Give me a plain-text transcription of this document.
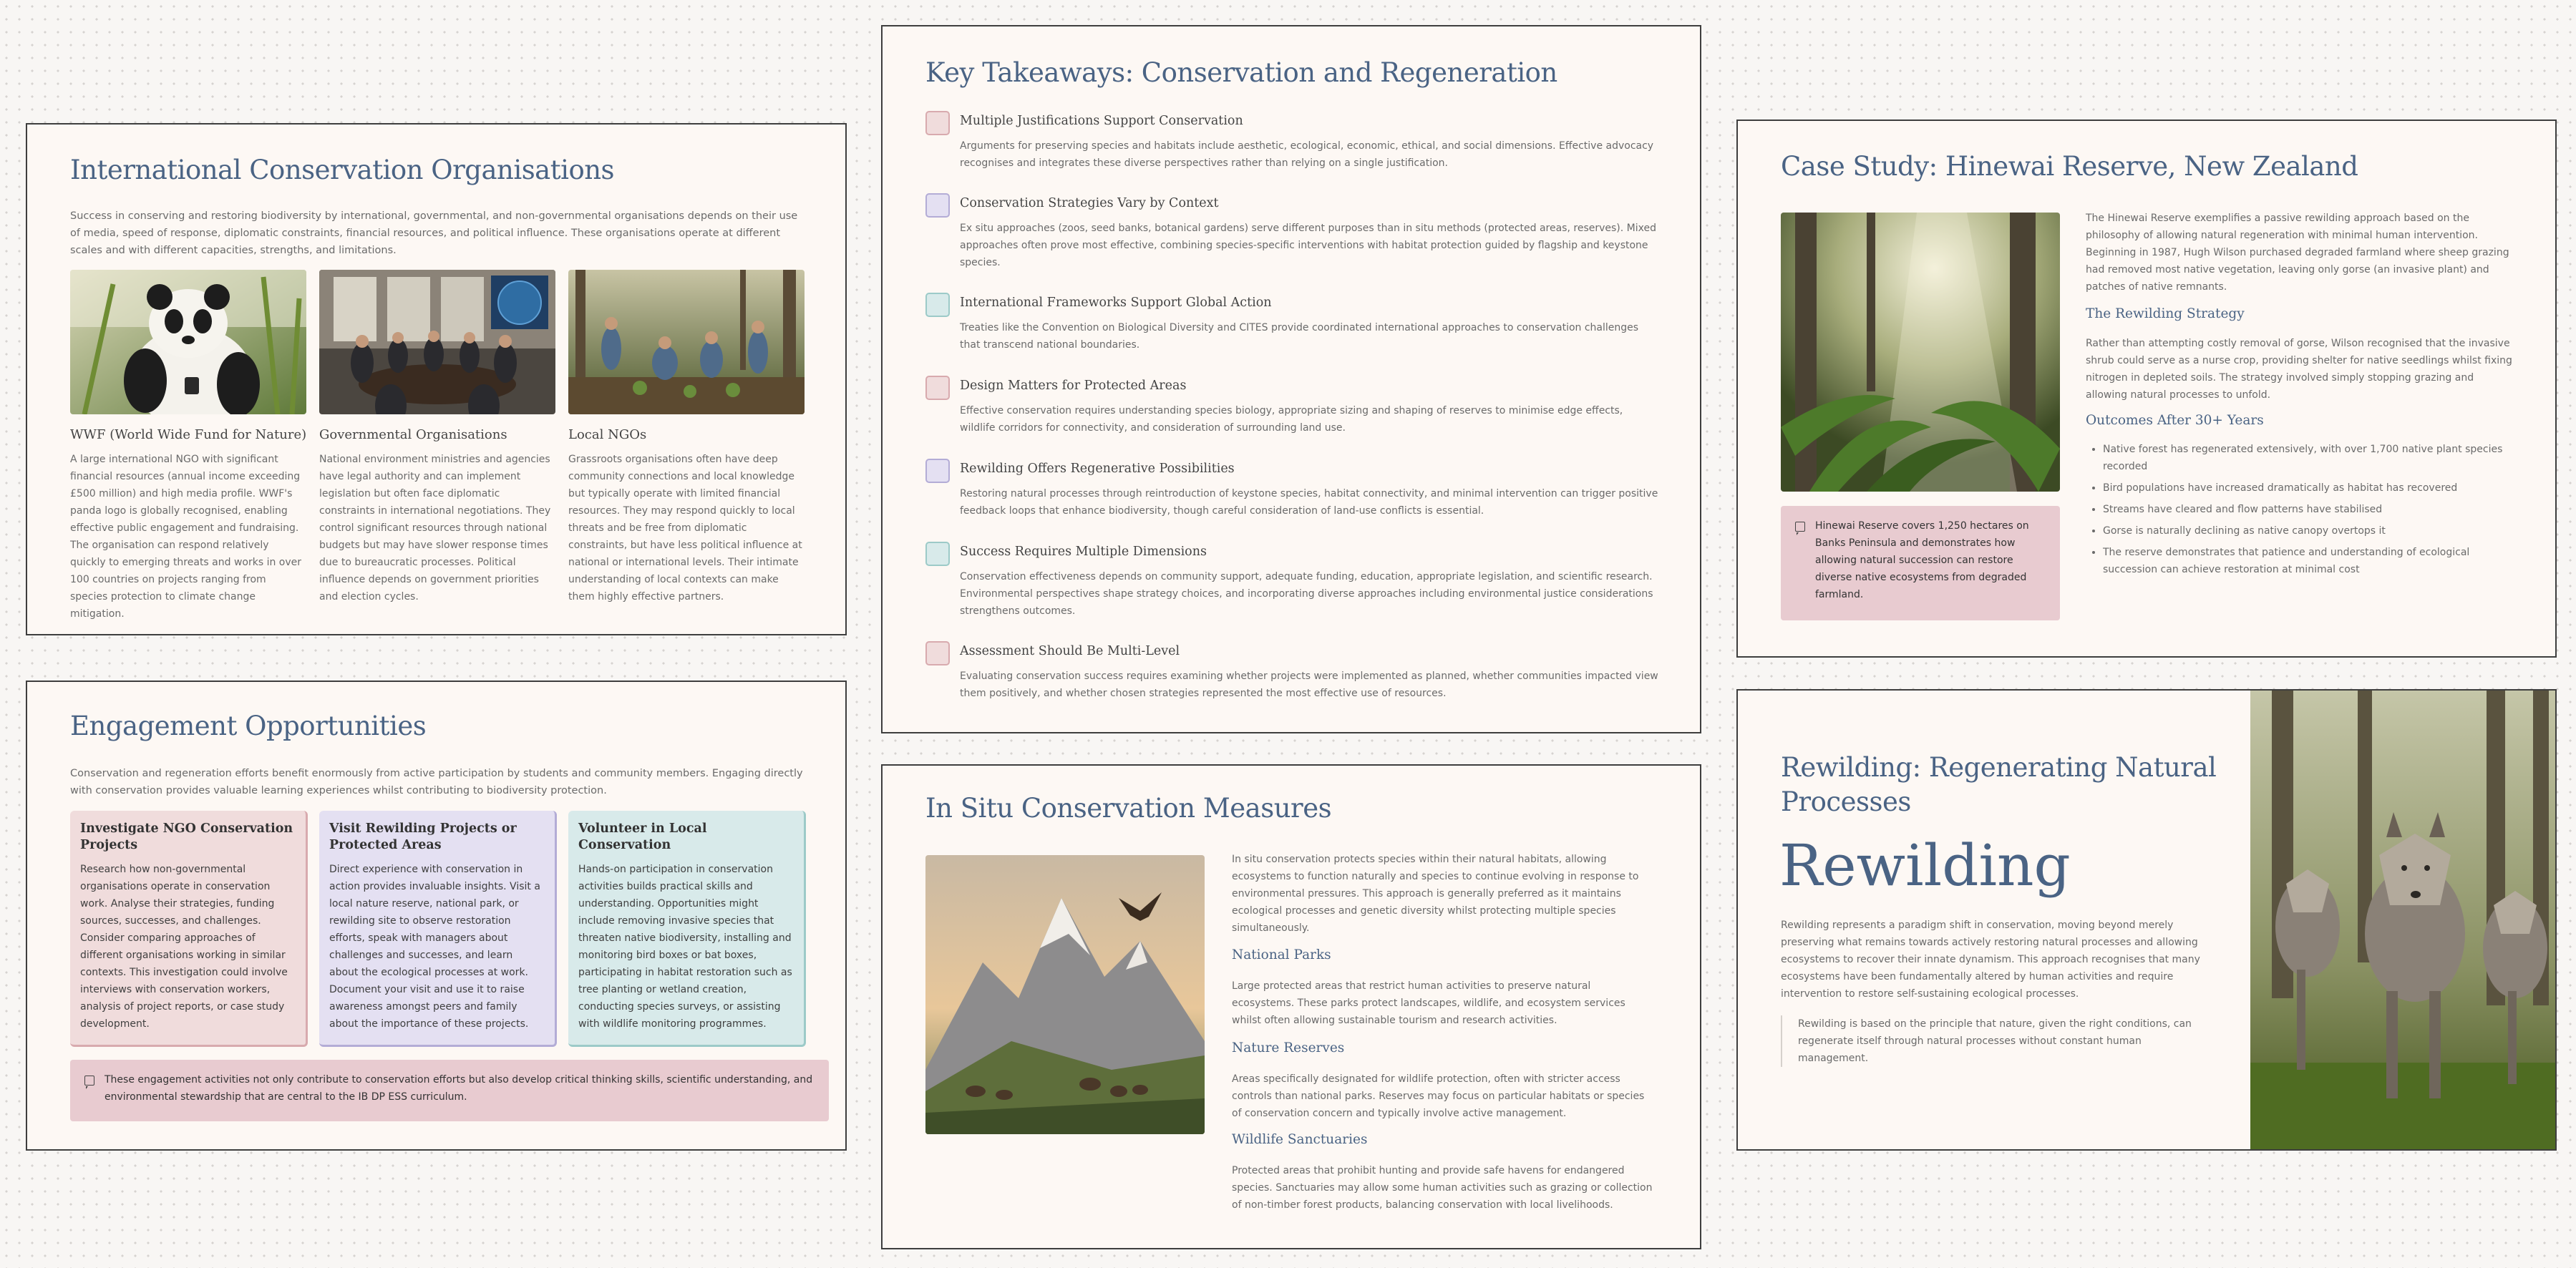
International Conservation Organisations
Success in conserving and restoring biodiversity by international, governmental, and non-governmental organisations depends on their use of media, speed of response, diplomatic constraints, financial resources, and political influence. These organisations operate at different scales and with different capacities, strengths, and limitations.
WWF (World Wide Fund for Nature)
A large international NGO with significant financial resources (annual income exceeding £500 million) and high media profile. WWF's panda logo is globally recognised, enabling effective public engagement and fundraising. The organisation can respond relatively quickly to emerging threats and works in over 100 countries on projects ranging from species protection to climate change mitigation.
Governmental Organisations
National environment ministries and agencies have legal authority and can implement legislation but often face diplomatic constraints in international negotiations. They control significant resources through national budgets but may have slower response times due to bureaucratic processes. Political influence depends on government priorities and election cycles.
Local NGOs
Grassroots organisations often have deep community connections and local knowledge but typically operate with limited financial resources. They may respond quickly to local threats and be free from diplomatic constraints, but have less political influence at national or international levels. Their intimate understanding of local contexts can make them highly effective partners.
Engagement Opportunities
Conservation and regeneration efforts benefit enormously from active participation by students and community members. Engaging directly with conservation provides valuable learning experiences whilst contributing to biodiversity protection.
Investigate NGO Conservation Projects
Research how non-governmental organisations operate in conservation work. Analyse their strategies, funding sources, successes, and challenges. Consider comparing approaches of different organisations working in similar contexts. This investigation could involve interviews with conservation workers, analysis of project reports, or case study development.
Visit Rewilding Projects or Protected Areas
Direct experience with conservation in action provides invaluable insights. Visit a local nature reserve, national park, or rewilding site to observe restoration efforts, speak with managers about challenges and successes, and learn about the ecological processes at work. Document your visit and use it to raise awareness amongst peers and family about the importance of these projects.
Volunteer in Local Conservation
Hands-on participation in conservation activities builds practical skills and understanding. Opportunities might include removing invasive species that threaten native biodiversity, installing and monitoring bird boxes or bat boxes, participating in habitat restoration such as tree planting or wetland creation, conducting species surveys, or assisting with wildlife monitoring programmes.
These engagement activities not only contribute to conservation efforts but also develop critical thinking skills, scientific understanding, and environmental stewardship that are central to the IB DP ESS curriculum.
Key Takeaways: Conservation and Regeneration
Multiple Justifications Support Conservation
Arguments for preserving species and habitats include aesthetic, ecological, economic, ethical, and social dimensions. Effective advocacy recognises and integrates these diverse perspectives rather than relying on a single justification.
Conservation Strategies Vary by Context
Ex situ approaches (zoos, seed banks, botanical gardens) serve different purposes than in situ methods (protected areas, reserves). Mixed approaches often prove most effective, combining species-specific interventions with habitat protection guided by flagship and keystone species.
International Frameworks Support Global Action
Treaties like the Convention on Biological Diversity and CITES provide coordinated international approaches to conservation challenges that transcend national boundaries.
Design Matters for Protected Areas
Effective conservation requires understanding species biology, appropriate sizing and shaping of reserves to minimise edge effects, wildlife corridors for connectivity, and consideration of surrounding land use.
Rewilding Offers Regenerative Possibilities
Restoring natural processes through reintroduction of keystone species, habitat connectivity, and minimal intervention can trigger positive feedback loops that enhance biodiversity, though careful consideration of land-use conflicts is essential.
Success Requires Multiple Dimensions
Conservation effectiveness depends on community support, adequate funding, education, appropriate legislation, and scientific research. Environmental perspectives shape strategy choices, and incorporating diverse approaches including environmental justice considerations strengthens outcomes.
Assessment Should Be Multi-Level
Evaluating conservation success requires examining whether projects were implemented as planned, whether communities impacted view them positively, and whether chosen strategies represented the most effective use of resources.
In Situ Conservation Measures
In situ conservation protects species within their natural habitats, allowing ecosystems to function naturally and species to continue evolving in response to environmental pressures. This approach is generally preferred as it maintains ecological processes and genetic diversity whilst protecting multiple species simultaneously.
National Parks
Large protected areas that restrict human activities to preserve natural ecosystems. These parks protect landscapes, wildlife, and ecosystem services whilst often allowing sustainable tourism and research activities.
Nature Reserves
Areas specifically designated for wildlife protection, often with stricter access controls than national parks. Reserves may focus on particular habitats or species of conservation concern and typically involve active management.
Wildlife Sanctuaries
Protected areas that prohibit hunting and provide safe havens for endangered species. Sanctuaries may allow some human activities such as grazing or collection of non-timber forest products, balancing conservation with local livelihoods.
Case Study: Hinewai Reserve, New Zealand
Hinewai Reserve covers 1,250 hectares on Banks Peninsula and demonstrates how allowing natural succession can restore diverse native ecosystems from degraded farmland.
The Hinewai Reserve exemplifies a passive rewilding approach based on the philosophy of allowing natural regeneration with minimal human intervention. Beginning in 1987, Hugh Wilson purchased degraded farmland where sheep grazing had removed most native vegetation, leaving only gorse (an invasive plant) and patches of native remnants.
The Rewilding Strategy
Rather than attempting costly removal of gorse, Wilson recognised that the invasive shrub could serve as a nurse crop, providing shelter for native seedlings whilst fixing nitrogen in depleted soils. The strategy involved simply stopping grazing and allowing natural processes to unfold.
Outcomes After 30+ Years
• Native forest has regenerated extensively, with over 1,700 native plant species recorded
• Bird populations have increased dramatically as habitat has recovered
• Streams have cleared and flow patterns have stabilised
• Gorse is naturally declining as native canopy overtops it
• The reserve demonstrates that patience and understanding of ecological succession can achieve restoration at minimal cost
Rewilding: Regenerating Natural Processes
Rewilding
Rewilding represents a paradigm shift in conservation, moving beyond merely preserving what remains towards actively restoring natural processes and allowing ecosystems to recover their innate dynamism. This approach recognises that many ecosystems have been fundamentally altered by human activities and require intervention to restore self-sustaining ecological processes.
Rewilding is based on the principle that nature, given the right conditions, can regenerate itself through natural processes without constant human management.
